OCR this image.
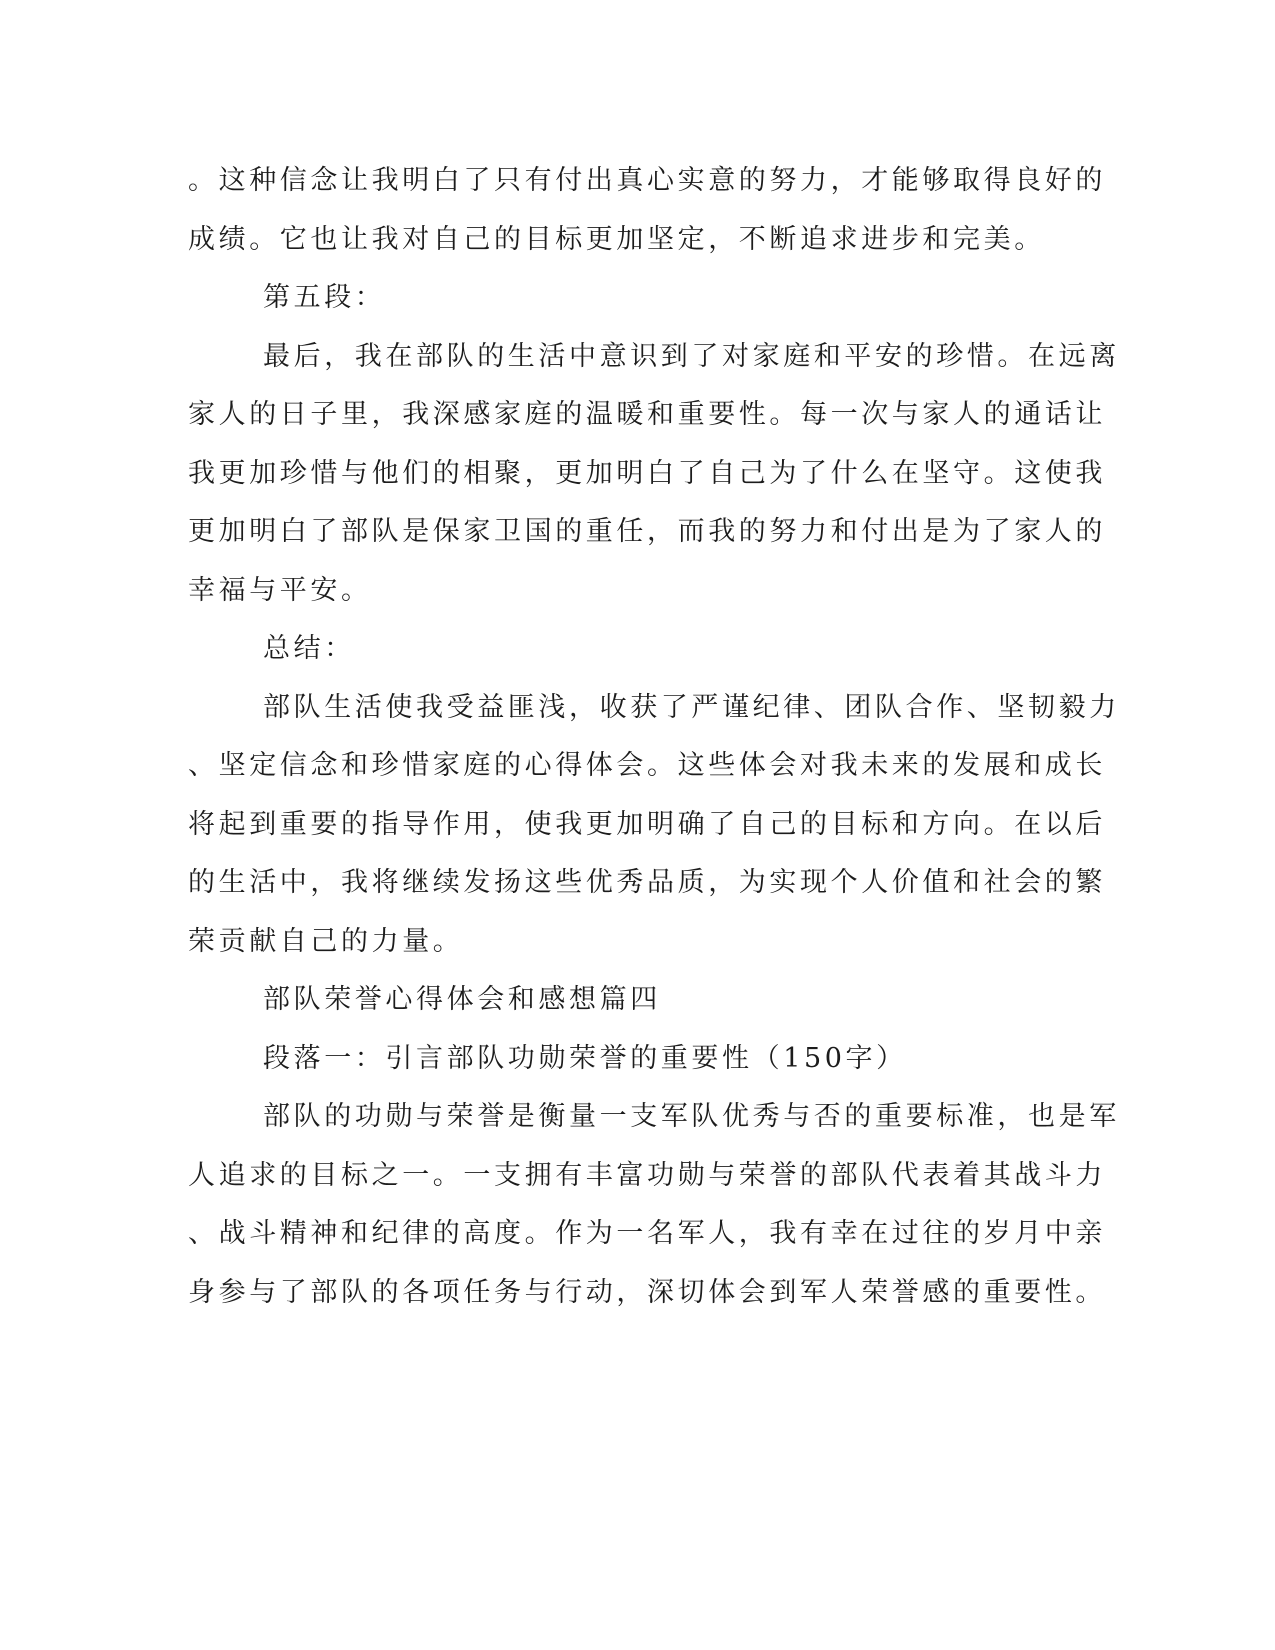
。这种信念让我明白了只有付出真心实意的努力，才能够取得良好的
成绩。它也让我对自己的目标更加坚定，不断追求进步和完美。
第五段：
最后，我在部队的生活中意识到了对家庭和平安的珍惜。在远离
家人的日子里，我深感家庭的温暖和重要性。每一次与家人的通话让
我更加珍惜与他们的相聚，更加明白了自己为了什么在坚守。这使我
更加明白了部队是保家卫国的重任，而我的努力和付出是为了家人的
幸福与平安。
总结：
部队生活使我受益匪浅，收获了严谨纪律、团队合作、坚韧毅力
、坚定信念和珍惜家庭的心得体会。这些体会对我未来的发展和成长
将起到重要的指导作用，使我更加明确了自己的目标和方向。在以后
的生活中，我将继续发扬这些优秀品质，为实现个人价值和社会的繁
荣贡献自己的力量。
部队荣誉心得体会和感想篇四
段落一：引言部队功勋荣誉的重要性（150字）
部队的功勋与荣誉是衡量一支军队优秀与否的重要标准，也是军
人追求的目标之一。一支拥有丰富功勋与荣誉的部队代表着其战斗力
、战斗精神和纪律的高度。作为一名军人，我有幸在过往的岁月中亲
身参与了部队的各项任务与行动，深切体会到军人荣誉感的重要性。
